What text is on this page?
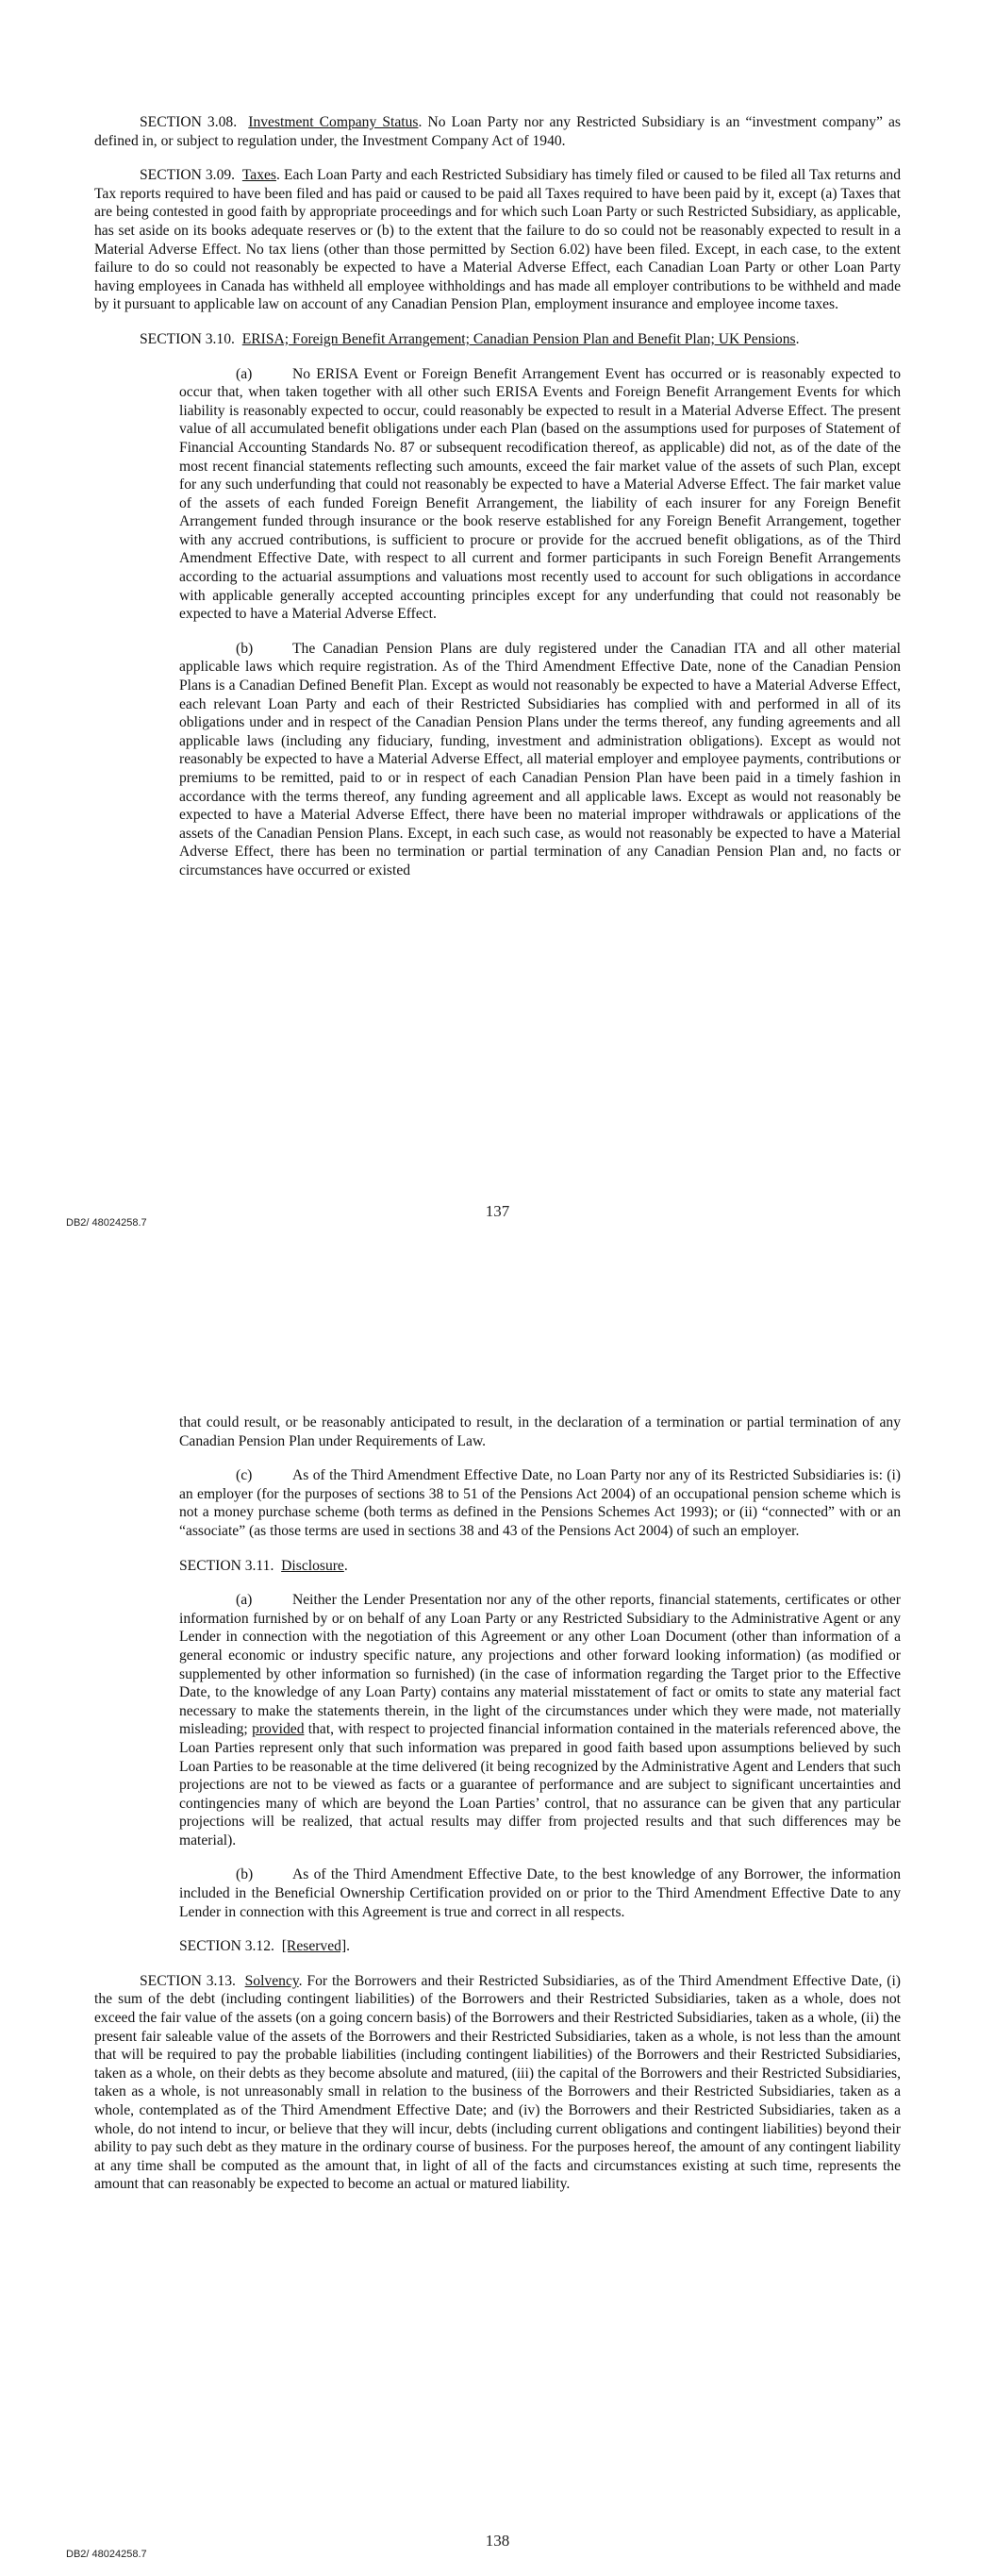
SECTION 3.08. Investment Company Status. No Loan Party nor any Restricted Subsidiary is an “investment company” as defined in, or subject to regulation under, the Investment Company Act of 1940.

SECTION 3.09. Taxes. Each Loan Party and each Restricted Subsidiary has timely filed or caused to be filed all Tax returns and Tax reports required to have been filed and has paid or caused to be paid all Taxes required to have been paid by it, except (a) Taxes that are being contested in good faith by appropriate proceedings and for which such Loan Party or such Restricted Subsidiary, as applicable, has set aside on its books adequate reserves or (b) to the extent that the failure to do so could not be reasonably expected to result in a Material Adverse Effect. No tax liens (other than those permitted by Section 6.02) have been filed. Except, in each case, to the extent failure to do so could not reasonably be expected to have a Material Adverse Effect, each Canadian Loan Party or other Loan Party having employees in Canada has withheld all employee withholdings and has made all employer contributions to be withheld and made by it pursuant to applicable law on account of any Canadian Pension Plan, employment insurance and employee income taxes.

SECTION 3.10. ERISA; Foreign Benefit Arrangement; Canadian Pension Plan and Benefit Plan; UK Pensions.

(a)	No ERISA Event or Foreign Benefit Arrangement Event has occurred or is reasonably expected to occur that, when taken together with all other such ERISA Events and Foreign Benefit Arrangement Events for which liability is reasonably expected to occur, could reasonably be expected to result in a Material Adverse Effect. The present value of all accumulated benefit obligations under each Plan (based on the assumptions used for purposes of Statement of Financial Accounting Standards No. 87 or subsequent recodification thereof, as applicable) did not, as of the date of the most recent financial statements reflecting such amounts, exceed the fair market value of the assets of such Plan, except for any such underfunding that could not reasonably be expected to have a Material Adverse Effect. The fair market value of the assets of each funded Foreign Benefit Arrangement, the liability of each insurer for any Foreign Benefit Arrangement funded through insurance or the book reserve established for any Foreign Benefit Arrangement, together with any accrued contributions, is sufficient to procure or provide for the accrued benefit obligations, as of the Third Amendment Effective Date, with respect to all current and former participants in such Foreign Benefit Arrangements according to the actuarial assumptions and valuations most recently used to account for such obligations in accordance with applicable generally accepted accounting principles except for any underfunding that could not reasonably be expected to have a Material Adverse Effect.

(b)	The Canadian Pension Plans are duly registered under the Canadian ITA and all other material applicable laws which require registration. As of the Third Amendment Effective Date, none of the Canadian Pension Plans is a Canadian Defined Benefit Plan. Except as would not reasonably be expected to have a Material Adverse Effect, each relevant Loan Party and each of their Restricted Subsidiaries has complied with and performed in all of its obligations under and in respect of the Canadian Pension Plans under the terms thereof, any funding agreements and all applicable laws (including any fiduciary, funding, investment and administration obligations). Except as would not reasonably be expected to have a Material Adverse Effect, all material employer and employee payments, contributions or premiums to be remitted, paid to or in respect of each Canadian Pension Plan have been paid in a timely fashion in accordance with the terms thereof, any funding agreement and all applicable laws. Except as would not reasonably be expected to have a Material Adverse Effect, there have been no material improper withdrawals or applications of the assets of the Canadian Pension Plans. Except, in each such case, as would not reasonably be expected to have a Material Adverse Effect, there has been no termination or partial termination of any Canadian Pension Plan and, no facts or circumstances have occurred or existed

DB2/ 48024258.7
137

that could result, or be reasonably anticipated to result, in the declaration of a termination or partial termination of any Canadian Pension Plan under Requirements of Law.

(c)	As of the Third Amendment Effective Date, no Loan Party nor any of its Restricted Subsidiaries is: (i) an employer (for the purposes of sections 38 to 51 of the Pensions Act 2004) of an occupational pension scheme which is not a money purchase scheme (both terms as defined in the Pensions Schemes Act 1993); or (ii) “connected” with or an “associate” (as those terms are used in sections 38 and 43 of the Pensions Act 2004) of such an employer.

SECTION 3.11. Disclosure.

(a)	Neither the Lender Presentation nor any of the other reports, financial statements, certificates or other information furnished by or on behalf of any Loan Party or any Restricted Subsidiary to the Administrative Agent or any Lender in connection with the negotiation of this Agreement or any other Loan Document (other than information of a general economic or industry specific nature, any projections and other forward looking information) (as modified or supplemented by other information so furnished) (in the case of information regarding the Target prior to the Effective Date, to the knowledge of any Loan Party) contains any material misstatement of fact or omits to state any material fact necessary to make the statements therein, in the light of the circumstances under which they were made, not materially misleading; provided that, with respect to projected financial information contained in the materials referenced above, the Loan Parties represent only that such information was prepared in good faith based upon assumptions believed by such Loan Parties to be reasonable at the time delivered (it being recognized by the Administrative Agent and Lenders that such projections are not to be viewed as facts or a guarantee of performance and are subject to significant uncertainties and contingencies many of which are beyond the Loan Parties’ control, that no assurance can be given that any particular projections will be realized, that actual results may differ from projected results and that such differences may be material).

(b)	As of the Third Amendment Effective Date, to the best knowledge of any Borrower, the information included in the Beneficial Ownership Certification provided on or prior to the Third Amendment Effective Date to any Lender in connection with this Agreement is true and correct in all respects.

SECTION 3.12. [Reserved].

SECTION 3.13. Solvency. For the Borrowers and their Restricted Subsidiaries, as of the Third Amendment Effective Date, (i) the sum of the debt (including contingent liabilities) of the Borrowers and their Restricted Subsidiaries, taken as a whole, does not exceed the fair value of the assets (on a going concern basis) of the Borrowers and their Restricted Subsidiaries, taken as a whole, (ii) the present fair saleable value of the assets of the Borrowers and their Restricted Subsidiaries, taken as a whole, is not less than the amount that will be required to pay the probable liabilities (including contingent liabilities) of the Borrowers and their Restricted Subsidiaries, taken as a whole, on their debts as they become absolute and matured, (iii) the capital of the Borrowers and their Restricted Subsidiaries, taken as a whole, is not unreasonably small in relation to the business of the Borrowers and their Restricted Subsidiaries, taken as a whole, contemplated as of the Third Amendment Effective Date; and (iv) the Borrowers and their Restricted Subsidiaries, taken as a whole, do not intend to incur, or believe that they will incur, debts (including current obligations and contingent liabilities) beyond their ability to pay such debt as they mature in the ordinary course of business. For the purposes hereof, the amount of any contingent liability at any time shall be computed as the amount that, in light of all of the facts and circumstances existing at such time, represents the amount that can reasonably be expected to become an actual or matured liability.

DB2/ 48024258.7
138
